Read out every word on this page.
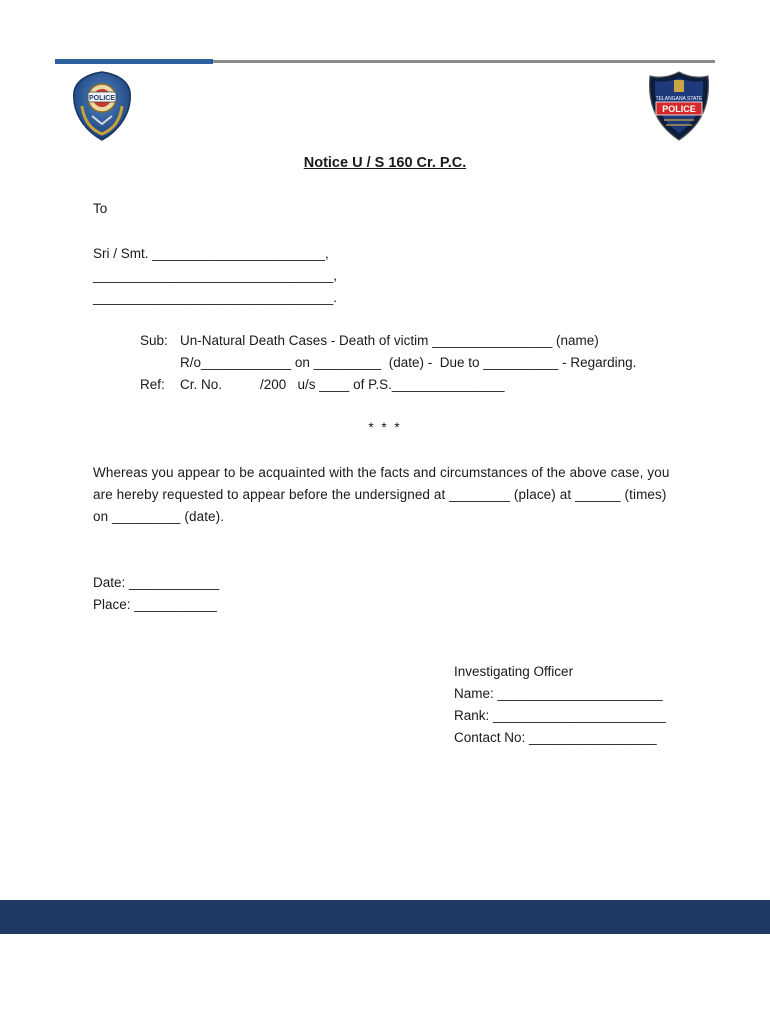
POLICE	TELANGANA STATE
POLICE
Notice U / S 160 Cr. P.C.
To
Sri / Smt. _______________________,
________________________________,
________________________________.
Sub: Un-Natural Death Cases - Death of victim ________________ (name)
R/o____________ on _________  (date) -  Due to __________ - Regarding.
Ref: Cr. No.	/200   u/s ____ of P.S._______________
* * *
Whereas you appear to be acquainted with the facts and circumstances of the above case, you
are hereby requested to appear before the undersigned at ________ (place) at ______ (times)
on _________ (date).
Date: ____________
Place: ___________
Investigating Officer
Name: ______________________
Rank: _______________________
Contact No: _________________
